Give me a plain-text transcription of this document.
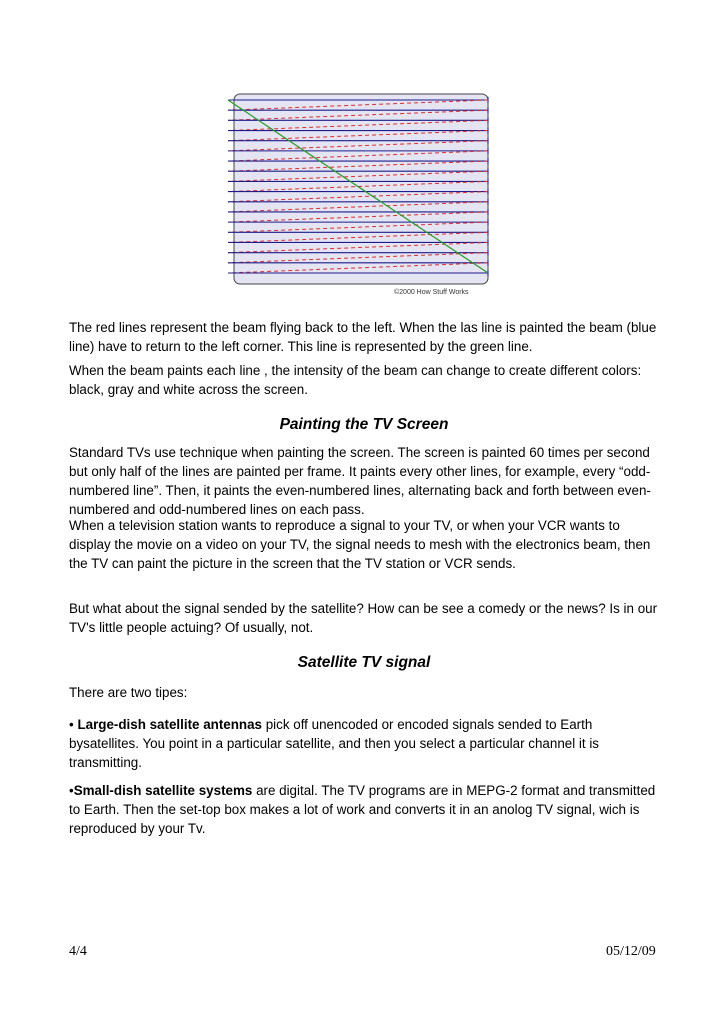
©2000 How Stuff Works

The red lines represent the beam flying back to the left. When the las line is painted the beam (blue line) have to return to the left corner. This line is represented by the green line.

When the beam paints each line , the intensity of the beam can change to create different colors: black, gray and white across the screen.

Painting the TV Screen

Standard TVs use technique when painting the screen. The screen is painted 60 times per second but only half of the lines are painted per frame. It paints every other lines, for example, every “odd-numbered line”. Then, it paints the even-numbered lines, alternating back and forth between even-numbered and odd-numbered lines on each pass.

When a television station wants to reproduce a signal to your TV, or when your VCR wants to display the movie on a video on your TV, the signal needs to mesh with the electronics beam, then the TV can paint the picture in the screen that the TV station or VCR sends.

But what about the signal sended by the satellite? How can be see a comedy or the news? Is in our TV's little people actuing? Of usually, not.

Satellite TV signal

There are two tipes:

• Large-dish satellite antennas pick off unencoded or encoded signals sended to Earth bysatellites. You point in a particular satellite, and then you select a particular channel it is transmitting.

•Small-dish satellite systems are digital. The TV programs are in MEPG-2 format and transmitted to Earth. Then the set-top box makes a lot of work and converts it in an anolog TV signal, wich is reproduced by your Tv.

4/4	05/12/09
